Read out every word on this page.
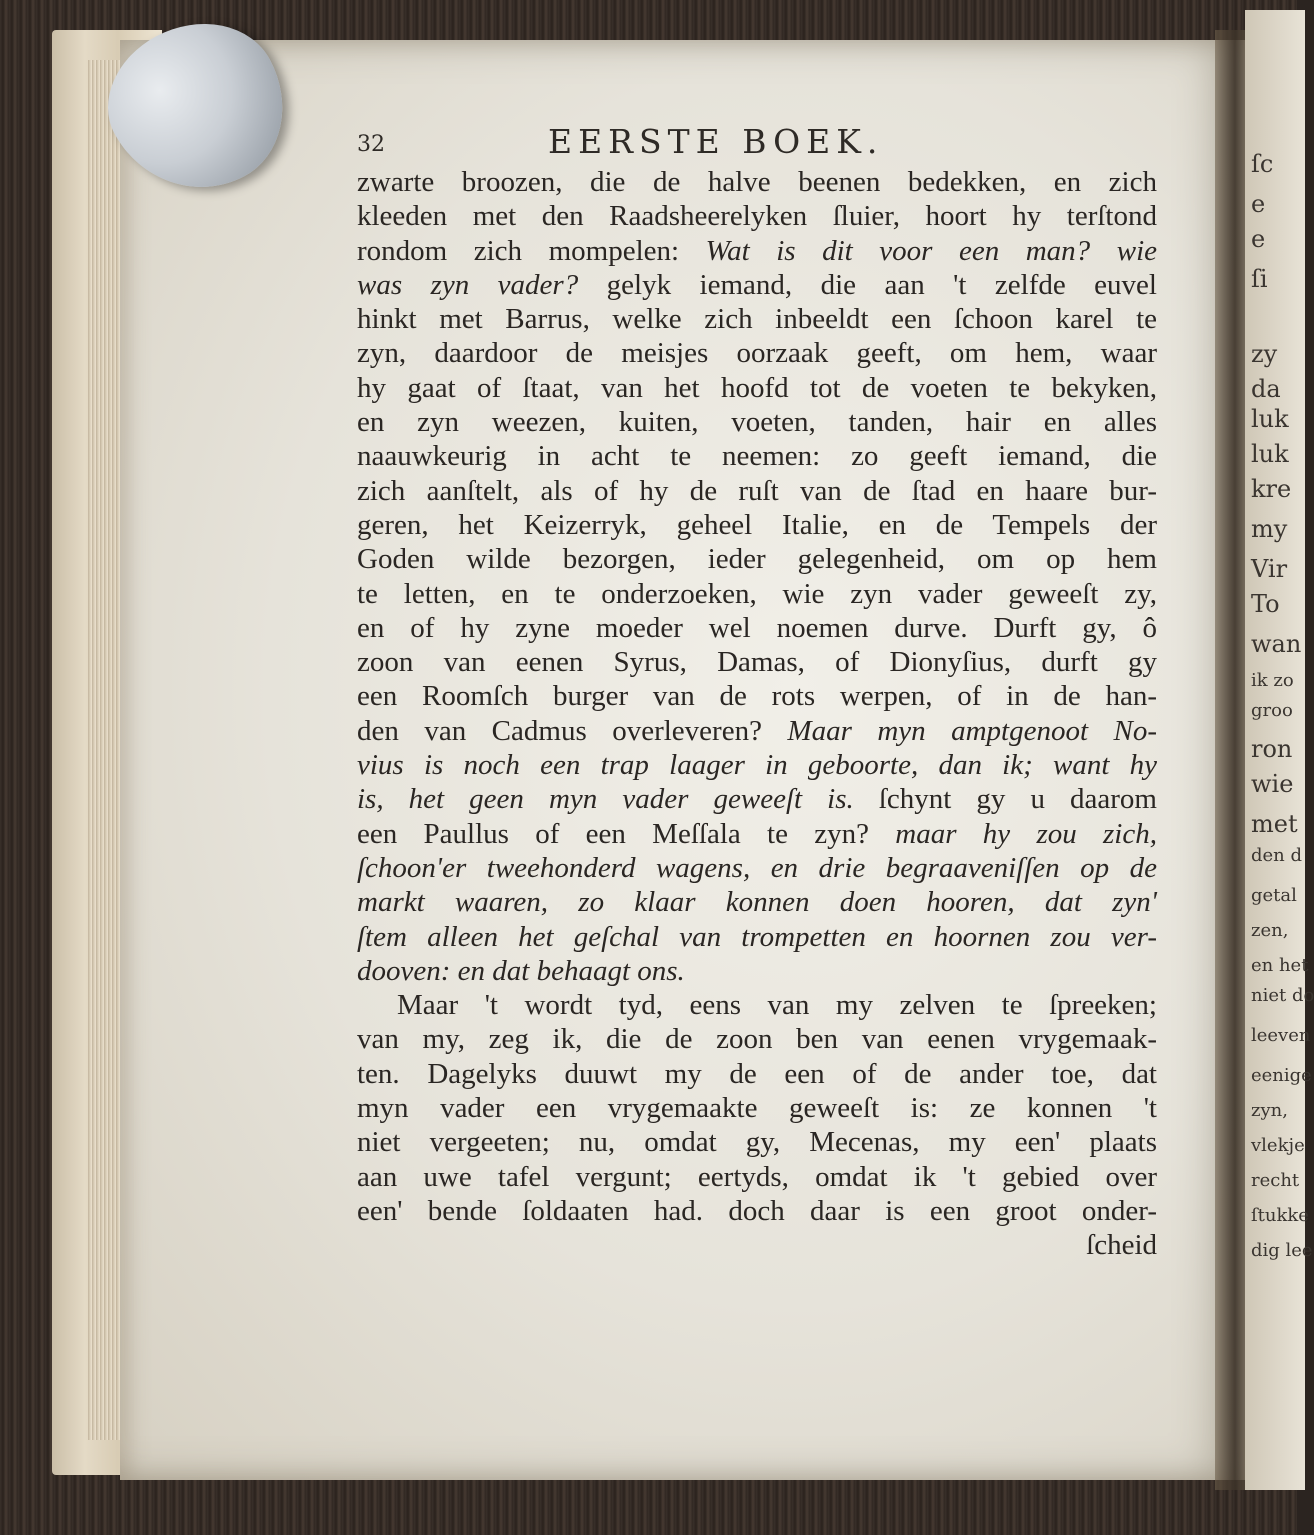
ſc
e
e
ſi
zy
da
luk
luk
kre
my
Vir
To
wan
ik zo
groo
ron
wie
met
den d
getal
zen,
en het
niet do
leeven
eenige
zyn,
vlekje
recht
ſtukke
dig lee
32	EERSTE BOEK.
zwarte broozen, die de halve beenen bedekken, en zich
kleeden met den Raadsheerelyken ſluier, hoort hy terſtond
rondom zich mompelen: Wat is dit voor een man? wie
was zyn vader? gelyk iemand, die aan 't zelfde euvel
hinkt met Barrus, welke zich inbeeldt een ſchoon karel te
zyn, daardoor de meisjes oorzaak geeft, om hem, waar
hy gaat of ſtaat, van het hoofd tot de voeten te bekyken,
en zyn weezen, kuiten, voeten, tanden, hair en alles
naauwkeurig in acht te neemen: zo geeft iemand, die
zich aanſtelt, als of hy de ruſt van de ſtad en haare bur-
geren, het Keizerryk, geheel Italie, en de Tempels der
Goden wilde bezorgen, ieder gelegenheid, om op hem
te letten, en te onderzoeken, wie zyn vader geweeſt zy,
en of hy zyne moeder wel noemen durve. Durft gy, ô
zoon van eenen Syrus, Damas, of Dionyſius, durft gy
een Roomſch burger van de rots werpen, of in de han-
den van Cadmus overleveren? Maar myn amptgenoot No-
vius is noch een trap laager in geboorte, dan ik; want hy
is, het geen myn vader geweeſt is. ſchynt gy u daarom
een Paullus of een Meſſala te zyn? maar hy zou zich,
ſchoon'er tweehonderd wagens, en drie begraaveniſſen op de
markt waaren, zo klaar konnen doen hooren, dat zyn'
ſtem alleen het geſchal van trompetten en hoornen zou ver-
dooven: en dat behaagt ons.
Maar 't wordt tyd, eens van my zelven te ſpreeken;
van my, zeg ik, die de zoon ben van eenen vrygemaak-
ten. Dagelyks duuwt my de een of de ander toe, dat
myn vader een vrygemaakte geweeſt is: ze konnen 't
niet vergeeten; nu, omdat gy, Mecenas, my een' plaats
aan uwe tafel vergunt; eertyds, omdat ik 't gebied over
een' bende ſoldaaten had. doch daar is een groot onder-
ſcheid
